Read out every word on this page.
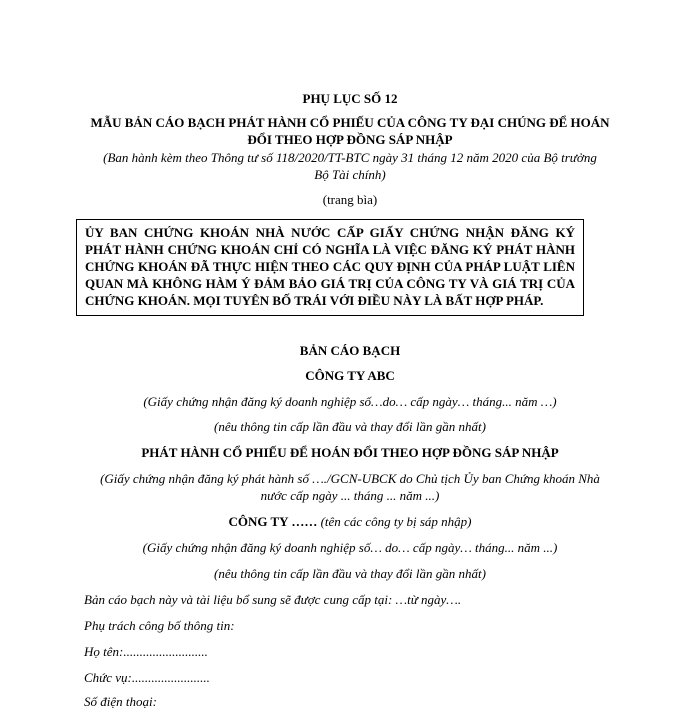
PHỤ LỤC SỐ 12
MẪU BẢN CÁO BẠCH PHÁT HÀNH CỔ PHIẾU CỦA CÔNG TY ĐẠI CHÚNG ĐỂ HOÁN
ĐỔI THEO HỢP ĐỒNG SÁP NHẬP
(Ban hành kèm theo Thông tư số 118/2020/TT-BTC ngày 31 tháng 12 năm 2020 của Bộ trưởng
Bộ Tài chính)
(trang bìa)
ỦY BAN CHỨNG KHOÁN NHÀ NƯỚC CẤP GIẤY CHỨNG NHẬN ĐĂNG KÝ PHÁT HÀNH CHỨNG KHOÁN CHỈ CÓ NGHĨA LÀ VIỆC ĐĂNG KÝ PHÁT HÀNH CHỨNG KHOÁN ĐÃ THỰC HIỆN THEO CÁC QUY ĐỊNH CỦA PHÁP LUẬT LIÊN QUAN MÀ KHÔNG HÀM Ý ĐẢM BẢO GIÁ TRỊ CỦA CÔNG TY VÀ GIÁ TRỊ CỦA CHỨNG KHOÁN. MỌI TUYÊN BỐ TRÁI VỚI ĐIỀU NÀY LÀ BẤT HỢP PHÁP.
BẢN CÁO BẠCH
CÔNG TY ABC
(Giấy chứng nhận đăng ký doanh nghiệp số…do… cấp ngày… tháng... năm …)
(nêu thông tin cấp lần đầu và thay đổi lần gần nhất)
PHÁT HÀNH CỔ PHIẾU ĐỂ HOÁN ĐỔI THEO HỢP ĐỒNG SÁP NHẬP
(Giấy chứng nhận đăng ký phát hành số …./GCN-UBCK do Chủ tịch Ủy ban Chứng khoán Nhà
nước cấp ngày ... tháng ... năm ...)
CÔNG TY …… (tên các công ty bị sáp nhập)
(Giấy chứng nhận đăng ký doanh nghiệp số… do… cấp ngày… tháng... năm ...)
(nêu thông tin cấp lần đầu và thay đổi lần gần nhất)
Bản cáo bạch này và tài liệu bổ sung sẽ được cung cấp tại: …từ ngày….
Phụ trách công bố thông tin:
Họ tên:..........................
Chức vụ:........................
Số điện thoại:
